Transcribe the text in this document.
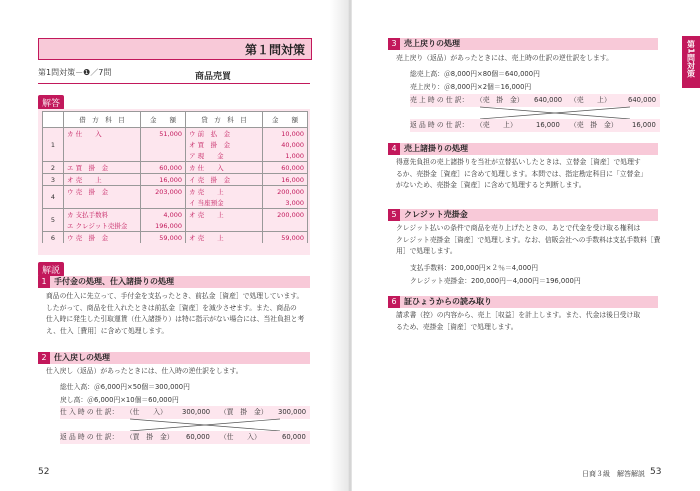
第１問対策
第1問対策－❶／7問	商品売買
解答
	借　方　科　目	金　　額	貸　方　科　目	金　　額
1	カ 仕　　入	51,000	ウ 前　払　金	10,000
			オ 買　掛　金	40,000
			ア 現　　金	1,000
2	エ 買　掛　金	60,000	カ 仕　　入	60,000
3	オ 売　　上	16,000	イ 売　掛　金	16,000
4	ウ 売　掛　金	203,000	カ 売　　上	200,000
			イ 当座預金	3,000
5	カ 支払手数料	4,000	オ 売　　上	200,000
	エ クレジット売掛金	196,000		
6	ウ 売　掛　金	59,000	オ 売　　上	59,000
解説
1 手付金の処理、仕入諸掛りの処理
商品の仕入に先立って、手付金を支払ったとき、前払金［資産］で処理しています。
したがって、商品を仕入れたときは前払金［資産］を減少させます。また、商品の
仕入時に発生した引取運賃（仕入諸掛り）は特に指示がない場合には、当社負担と考
え、仕入［費用］に含めて処理します。
2 仕入戻しの処理
仕入戻し（返品）があったときには、仕入時の逆仕訳をします。
総仕入高：＠6,000円×50個＝300,000円
戻し高：＠6,000円×10個＝60,000円
仕 入 時 の 仕 訳： （仕　　入） 300,000 （買　掛　金） 300,000
返 品 時 の 仕 訳： （買　掛　金） 60,000 （仕　　入）	60,000
52
第1問対策
3 売上戻りの処理
売上戻り（返品）があったときには、売上時の仕訳の逆仕訳をします。
総売上高：＠8,000円×80個＝640,000円
売上戻り：＠8,000円×2個＝16,000円
売 上 時 の 仕 訳： （売　掛　金） 640,000 （売　　上）	640,000
返 品 時 の 仕 訳： （売　　上）	16,000 （売　掛　金） 16,000
4 売上諸掛りの処理
得意先負担の売上諸掛りを当社が立替払いしたときは、立替金［資産］で処理す
るか、売掛金［資産］に含めて処理します。本問では、指定勘定科目に「立替金」
がないため、売掛金［資産］に含めて処理すると判断します。
5 クレジット売掛金
クレジット払いの条件で商品を売り上げたときの、あとで代金を受け取る権利は
クレジット売掛金［資産］で処理します。なお、信販会社への手数料は支払手数料［費
用］で処理します。
支払手数料：200,000円×２％＝4,000円
クレジット売掛金：200,000円－4,000円＝196,000円
6 証ひょうからの読み取り
請求書（控）の内容から、売上［収益］を計上します。また、代金は後日受け取
るため、売掛金［資産］で処理します。
日商３級　解答解説 53
